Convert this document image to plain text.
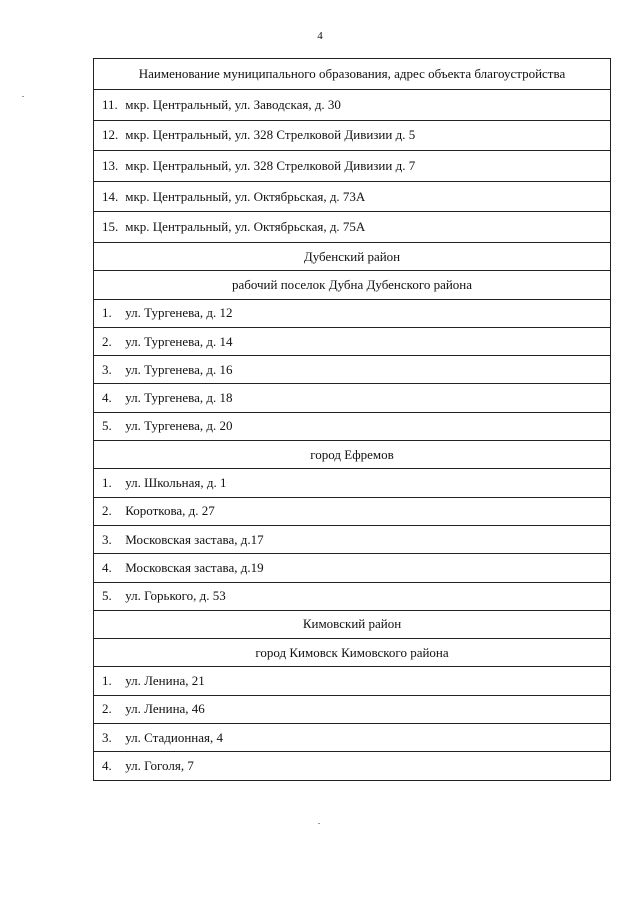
4
Наименование муниципального образования, адрес объекта благоустройства
11. мкр. Центральный, ул. Заводская, д. 30
12. мкр. Центральный, ул. 328 Стрелковой Дивизии д. 5
13. мкр. Центральный, ул. 328 Стрелковой Дивизии д. 7
14. мкр. Центральный, ул. Октябрьская, д. 73А
15. мкр. Центральный, ул. Октябрьская, д. 75А
Дубенский район
рабочий поселок Дубна Дубенского района
1. ул. Тургенева, д. 12
2. ул. Тургенева, д. 14
3. ул. Тургенева, д. 16
4. ул. Тургенева, д. 18
5. ул. Тургенева, д. 20
город Ефремов
1. ул. Школьная, д. 1
2. Короткова, д. 27
3. Московская застава, д.17
4. Московская застава, д.19
5. ул. Горького, д. 53
Кимовский район
город Кимовск Кимовского района
1. ул. Ленина, 21
2. ул. Ленина, 46
3. ул. Стадионная, 4
4. ул. Гоголя, 7
